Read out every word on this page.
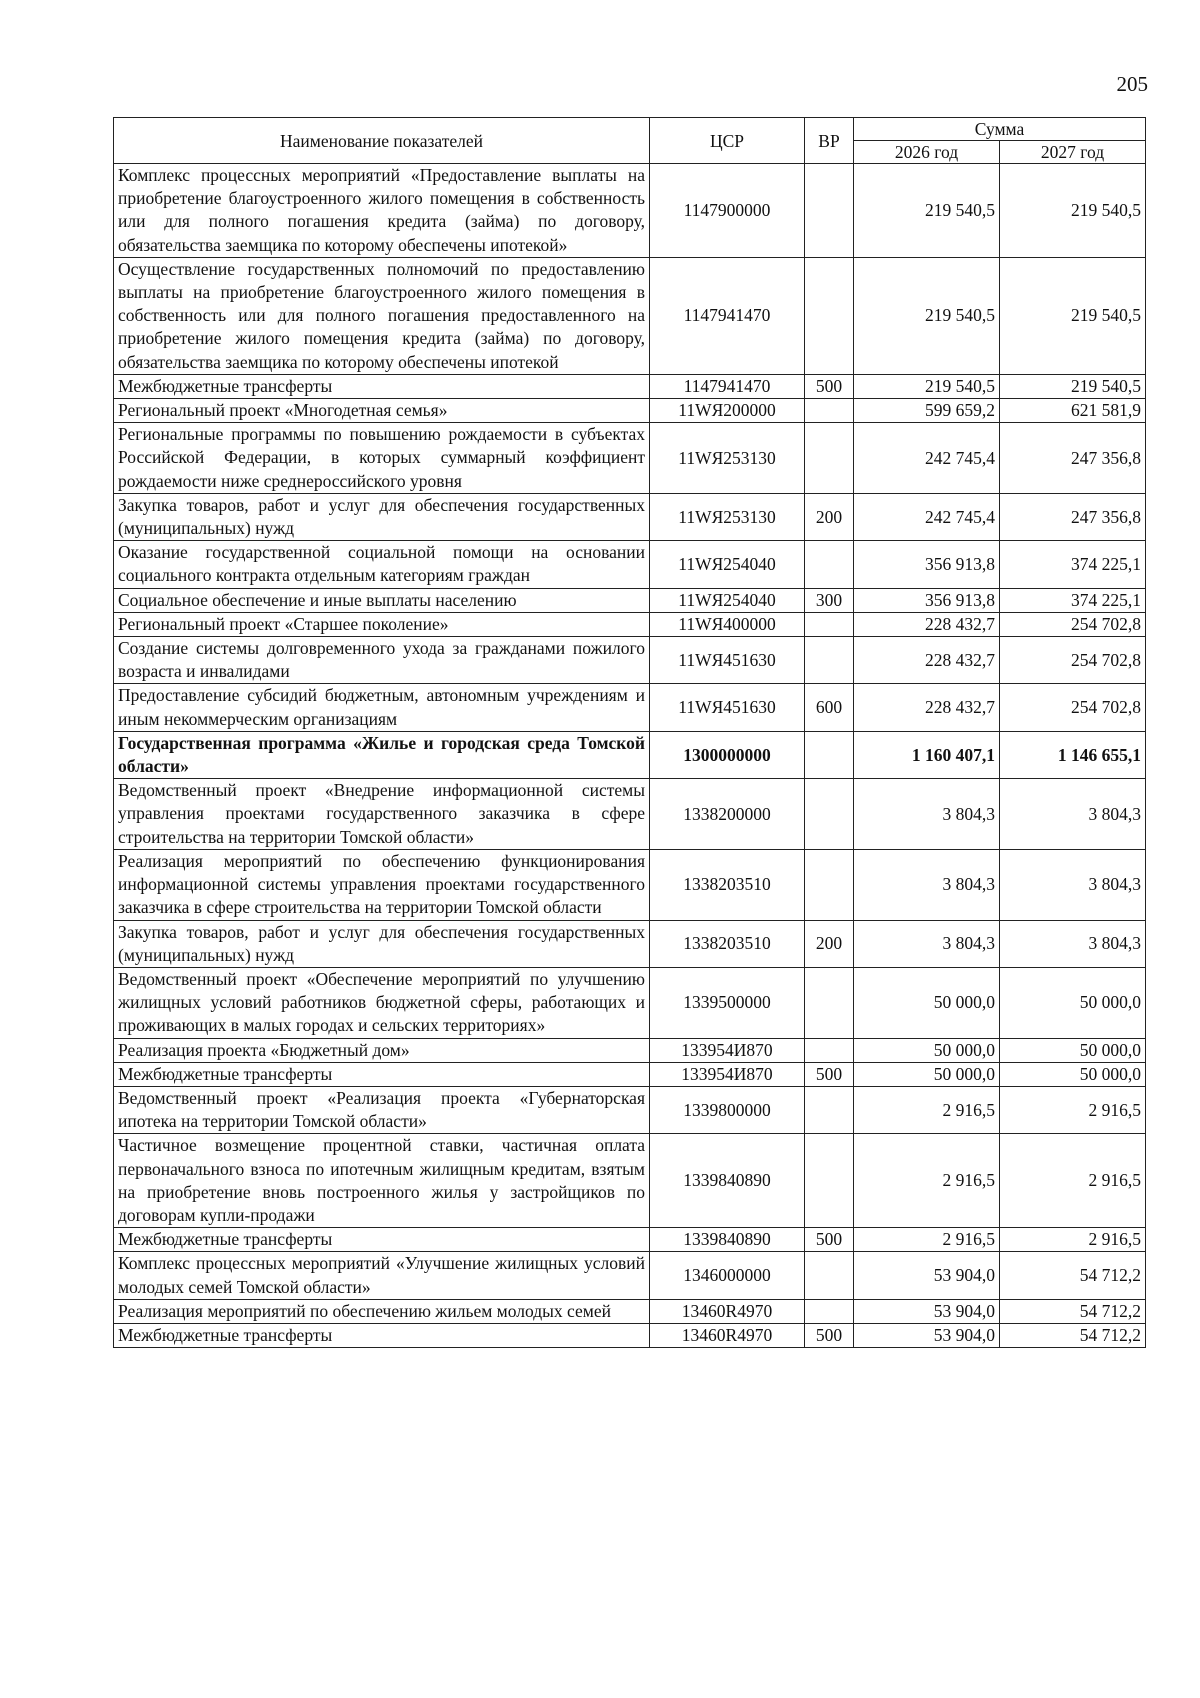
205
Наименование показателей	ЦСР	ВР	Сумма	
			2026 год	2027 год
Комплекс процессных мероприятий «Предоставление выплаты на приобретение благоустроенного жилого помещения в собственность или для полного погашения кредита (займа) по договору, обязательства заемщика по которому обеспечены ипотекой»	1147900000		219 540,5	219 540,5
Осуществление государственных полномочий по предоставлению выплаты на приобретение благоустроенного жилого помещения в собственность или для полного погашения предоставленного на приобретение жилого помещения кредита (займа) по договору, обязательства заемщика по которому обеспечены ипотекой	1147941470		219 540,5	219 540,5
Межбюджетные трансферты	1147941470	500	219 540,5	219 540,5
Региональный проект «Многодетная семья»	11WЯ200000		599 659,2	621 581,9
Региональные программы по повышению рождаемости в субъектах Российской Федерации, в которых суммарный коэффициент рождаемости ниже среднероссийского уровня	11WЯ253130		242 745,4	247 356,8
Закупка товаров, работ и услуг для обеспечения государственных (муниципальных) нужд	11WЯ253130	200	242 745,4	247 356,8
Оказание государственной социальной помощи на основании социального контракта отдельным категориям граждан	11WЯ254040		356 913,8	374 225,1
Социальное обеспечение и иные выплаты населению	11WЯ254040	300	356 913,8	374 225,1
Региональный проект «Старшее поколение»	11WЯ400000		228 432,7	254 702,8
Создание системы долговременного ухода за гражданами пожилого возраста и инвалидами	11WЯ451630		228 432,7	254 702,8
Предоставление субсидий бюджетным, автономным учреждениям и иным некоммерческим организациям	11WЯ451630	600	228 432,7	254 702,8
Государственная программа «Жилье и городская среда Томской области»	1300000000		1 160 407,1	1 146 655,1
Ведомственный проект «Внедрение информационной системы управления проектами государственного заказчика в сфере строительства на территории Томской области»	1338200000		3 804,3	3 804,3
Реализация мероприятий по обеспечению функционирования информационной системы управления проектами государственного заказчика в сфере строительства на территории Томской области	1338203510		3 804,3	3 804,3
Закупка товаров, работ и услуг для обеспечения государственных (муниципальных) нужд	1338203510	200	3 804,3	3 804,3
Ведомственный проект «Обеспечение мероприятий по улучшению жилищных условий работников бюджетной сферы, работающих и проживающих в малых городах и сельских территориях»	1339500000		50 000,0	50 000,0
Реализация проекта «Бюджетный дом»	133954И870		50 000,0	50 000,0
Межбюджетные трансферты	133954И870	500	50 000,0	50 000,0
Ведомственный проект «Реализация проекта «Губернаторская ипотека на территории Томской области»	1339800000		2 916,5	2 916,5
Частичное возмещение процентной ставки, частичная оплата первоначального взноса по ипотечным жилищным кредитам, взятым на приобретение вновь построенного жилья у застройщиков по договорам купли-продажи	1339840890		2 916,5	2 916,5
Межбюджетные трансферты	1339840890	500	2 916,5	2 916,5
Комплекс процессных мероприятий «Улучшение жилищных условий молодых семей Томской области»	1346000000		53 904,0	54 712,2
Реализация мероприятий по обеспечению жильем молодых семей	13460R4970		53 904,0	54 712,2
Межбюджетные трансферты	13460R4970	500	53 904,0	54 712,2
